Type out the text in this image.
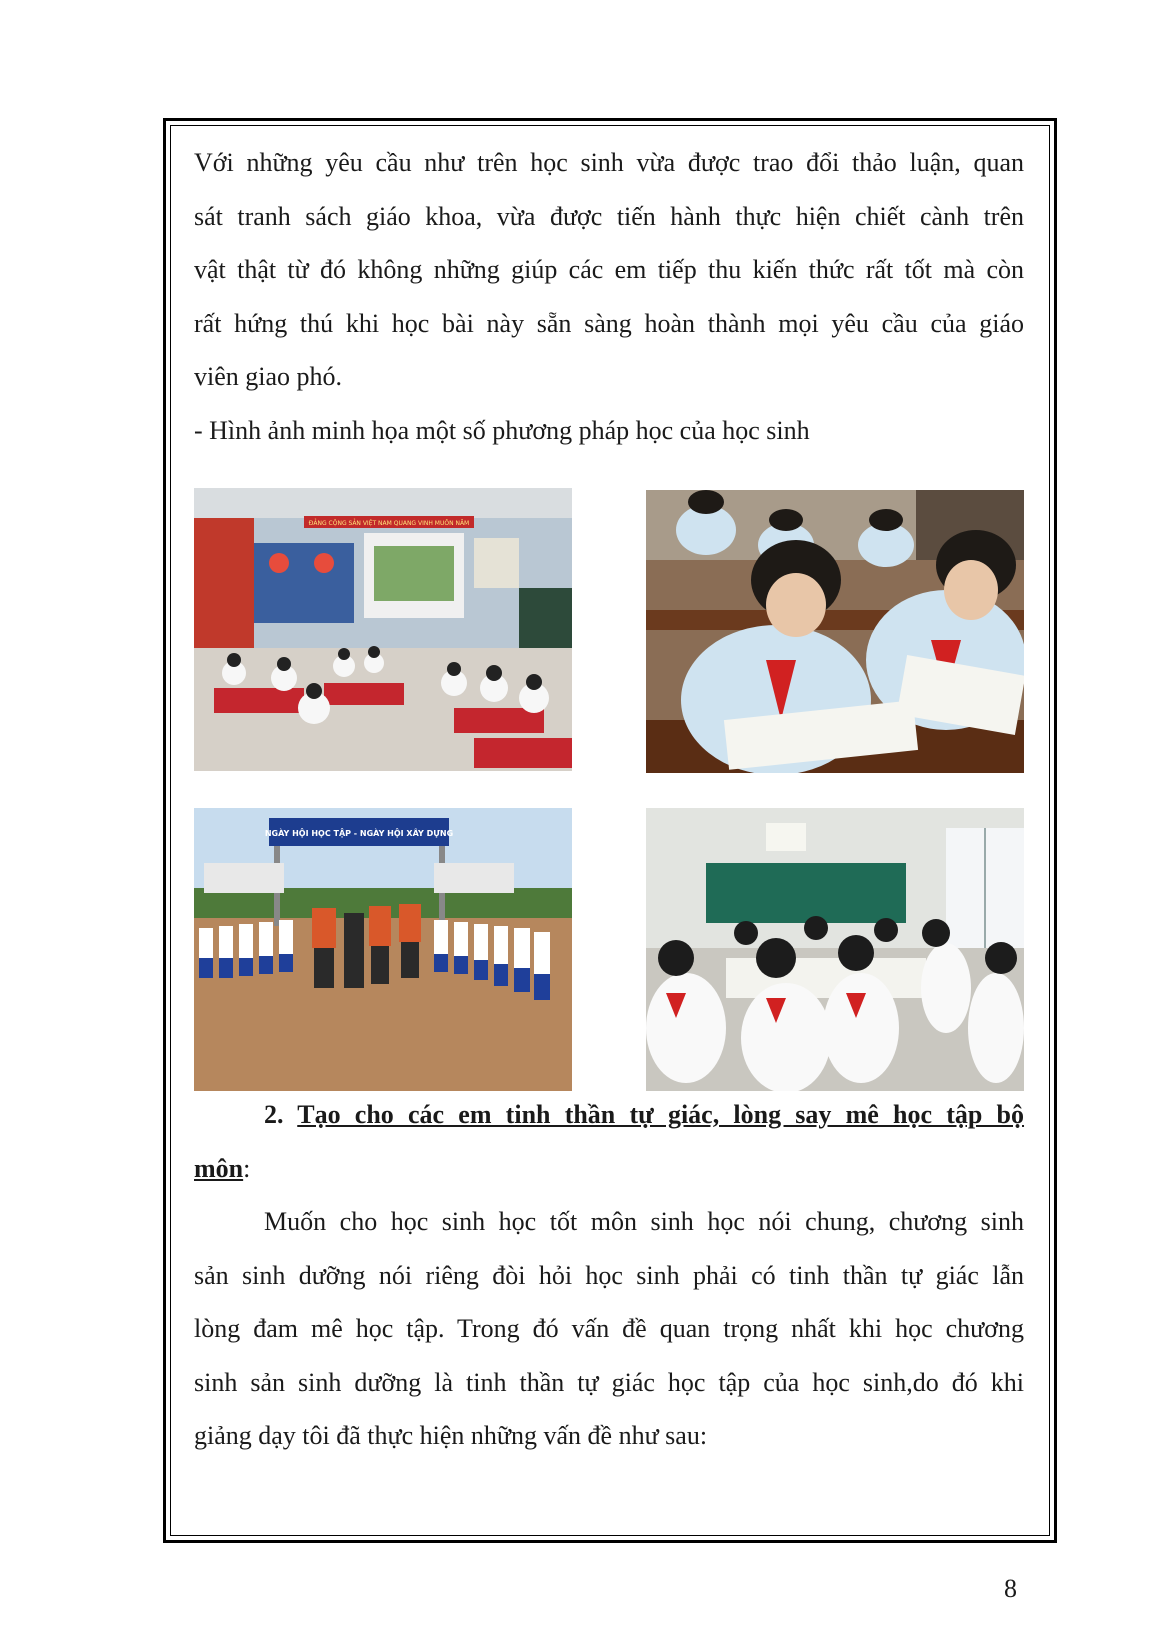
Với những yêu cầu như trên học sinh vừa được trao đổi thảo luận, quan
sát tranh sách giáo khoa, vừa được tiến hành thực hiện chiết cành trên
vật thật từ đó không những giúp các em tiếp thu kiến thức rất tốt mà còn
rất hứng thú khi học bài này sẵn sàng hoàn thành mọi yêu cầu của giáo
viên giao phó.
- Hình ảnh minh họa một số phương pháp học của học sinh

ĐẢNG CỘNG SẢN VIỆT NAM QUANG VINH MUÔN NĂM
NGÀY HỘI HỌC TẬP - NGÀY HỘI XÂY DỰNG

2. Tạo cho các em tinh thần tự giác, lòng say mê học tập bộ
môn:

Muốn cho học sinh học tốt môn sinh học nói chung, chương sinh
sản sinh dưỡng nói riêng đòi hỏi học sinh phải có tinh thần tự giác lẫn
lòng đam mê học tập. Trong đó vấn đề quan trọng nhất khi học chương
sinh sản sinh dưỡng là tinh thần tự giác học tập của học sinh,do đó khi
giảng dạy tôi đã thực hiện những vấn đề như sau:

8
